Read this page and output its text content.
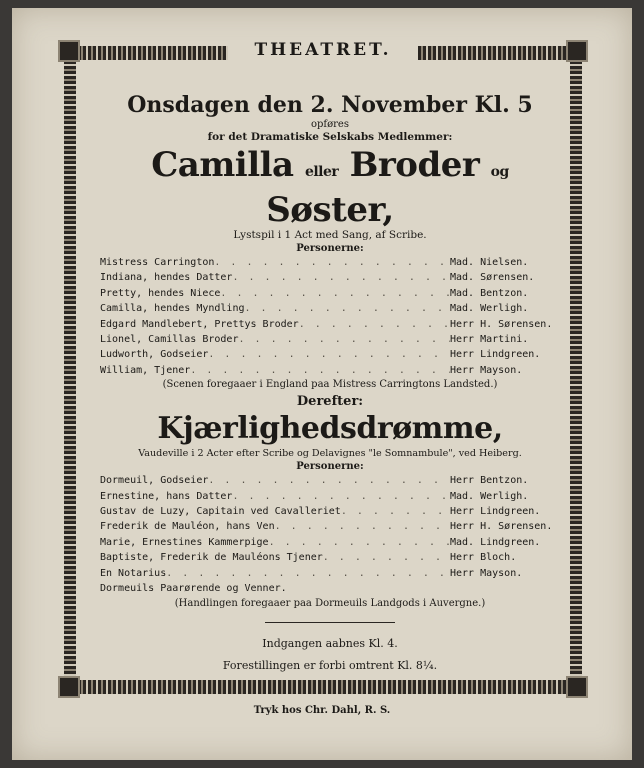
THEATRET.
Onsdagen den 2. November Kl. 5
opføres
for det Dramatiske Selskabs Medlemmer:
Camilla eller Broder og Søster,
Lystspil i 1 Act med Sang, af Scribe.
Personerne:
Mistress Carrington . . .	Mad. Nielsen.
Indiana, hendes Datter . . .	Mad. Sørensen.
Pretty, hendes Niece . . .	Mad. Bentzon.
Camilla, hendes Myndling . . .	Mad. Werligh.
Edgard Mandlebert, Prettys Broder . . .	Herr H. Sørensen.
Lionel, Camillas Broder . . .	Herr Martini.
Ludworth, Godseier . . .	Herr Lindgreen.
William, Tjener . . .	Herr Mayson.
(Scenen foregaaer i England paa Mistress Carringtons Landsted.)
Derefter:
Kjærlighedsdrømme,
Vaudeville i 2 Acter efter Scribe og Delavignes "le Somnambule", ved Heiberg.
Personerne:
Dormeuil, Godseier . . .	Herr Bentzon.
Ernestine, hans Datter . . .	Mad. Werligh.
Gustav de Luzy, Capitain ved Cavalleriet . . .	Herr Lindgreen.
Frederik de Mauléon, hans Ven . . .	Herr H. Sørensen.
Marie, Ernestines Kammerpige . . .	Mad. Lindgreen.
Baptiste, Frederik de Mauléons Tjener . . .	Herr Bloch.
En Notarius . . .	Herr Mayson.
Dormeuils Paarørende og Venner.
(Handlingen foregaaer paa Dormeuils Landgods i Auvergne.)
Indgangen aabnes Kl. 4.
Forestillingen er forbi omtrent Kl. 8¼.
Tryk hos Chr. Dahl, R. S.
